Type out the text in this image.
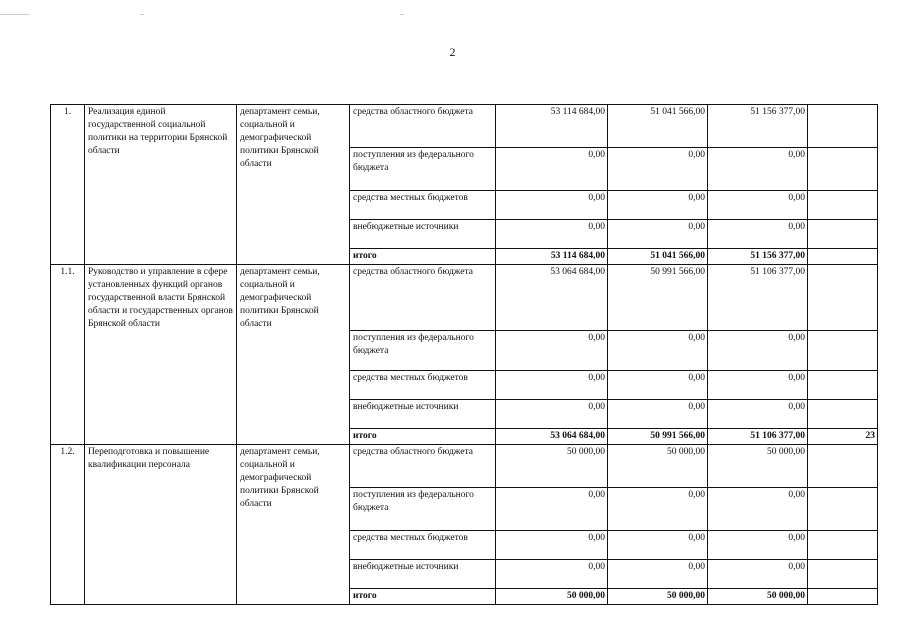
2
1.	Реализация единой государственной социальной политики на территории Брянской области	департамент семьи, социальной и демографической политики Брянской области	средства областного бюджета	53 114 684,00	51 041 566,00	51 156 377,00	
			поступления из федерального бюджета	0,00	0,00	0,00	
			средства местных бюджетов	0,00	0,00	0,00	
			внебюджетные источники	0,00	0,00	0,00	
			итого	53 114 684,00	51 041 566,00	51 156 377,00	
1.1.	Руководство и управление в сфере установленных функций органов государственной власти Брянской области и государственных органов Брянской области	департамент семьи, социальной и демографической политики Брянской области	средства областного бюджета	53 064 684,00	50 991 566,00	51 106 377,00	
			поступления из федерального бюджета	0,00	0,00	0,00	
			средства местных бюджетов	0,00	0,00	0,00	
			внебюджетные источники	0,00	0,00	0,00	
			итого	53 064 684,00	50 991 566,00	51 106 377,00	23
1.2.	Переподготовка и повышение квалификации персонала	департамент семьи, социальной и демографической политики Брянской области	средства областного бюджета	50 000,00	50 000,00	50 000,00	
			поступления из федерального бюджета	0,00	0,00	0,00	
			средства местных бюджетов	0,00	0,00	0,00	
			внебюджетные источники	0,00	0,00	0,00	
			итого	50 000,00	50 000,00	50 000,00	
